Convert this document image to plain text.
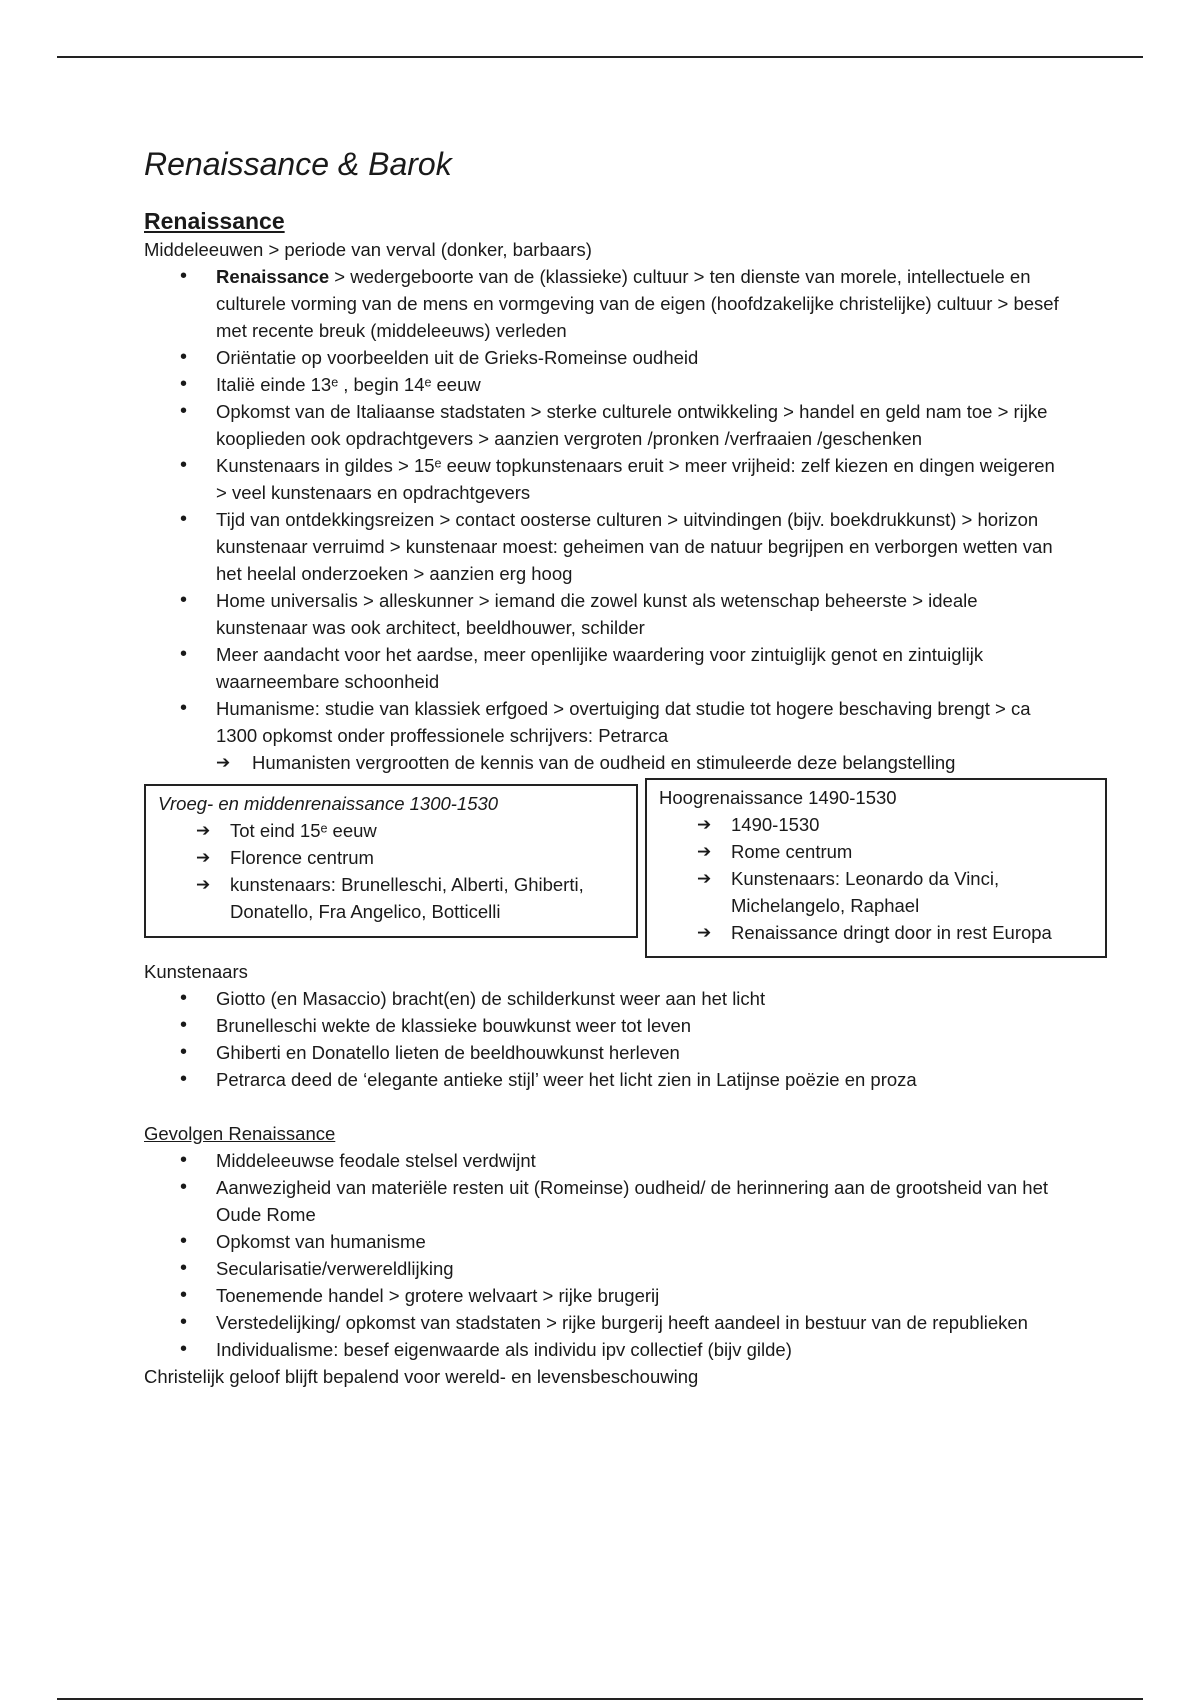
Renaissance & Barok
Renaissance

Middeleeuwen > periode van verval (donker, barbaars)

• Renaissance > wedergeboorte van de (klassieke) cultuur > ten dienste van morele, intellectuele en culturele vorming van de mens en vormgeving van de eigen (hoofdzakelijke christelijke) cultuur > besef met recente breuk (middeleeuws) verleden
• Oriëntatie op voorbeelden uit de Grieks-Romeinse oudheid
• Italië einde 13ᵉ , begin 14ᵉ eeuw
• Opkomst van de Italiaanse stadstaten > sterke culturele ontwikkeling > handel en geld nam toe > rijke kooplieden ook opdrachtgevers > aanzien vergroten /pronken /verfraaien /geschenken
• Kunstenaars in gildes > 15ᵉ eeuw topkunstenaars eruit > meer vrijheid: zelf kiezen en dingen weigeren > veel kunstenaars en opdrachtgevers
• Tijd van ontdekkingsreizen > contact oosterse culturen > uitvindingen (bijv. boekdrukkunst) > horizon kunstenaar verruimd > kunstenaar moest: geheimen van de natuur begrijpen en verborgen wetten van het heelal onderzoeken > aanzien erg hoog
• Home universalis > alleskunner > iemand die zowel kunst als wetenschap beheerste > ideale kunstenaar was ook architect, beeldhouwer, schilder
• Meer aandacht voor het aardse, meer openlijike waardering voor zintuiglijk genot en zintuiglijk waarneembare schoonheid
• Humanisme: studie van klassiek erfgoed > overtuiging dat studie tot hogere beschaving brengt > ca 1300 opkomst onder proffessionele schrijvers: Petrarca
➔ Humanisten vergrootten de kennis van de oudheid en stimuleerde deze belangstelling

Vroeg- en middenrenaissance 1300-1530

➔ Tot eind 15ᵉ eeuw
➔ Florence centrum
➔ kunstenaars: Brunelleschi, Alberti, Ghiberti, Donatello, Fra Angelico, Botticelli

Hoogrenaissance 1490-1530

➔ 1490-1530
➔ Rome centrum
➔ Kunstenaars: Leonardo da Vinci, Michelangelo, Raphael
➔ Renaissance dringt door in rest Europa

Kunstenaars

• Giotto (en Masaccio) bracht(en) de schilderkunst weer aan het licht
• Brunelleschi wekte de klassieke bouwkunst weer tot leven
• Ghiberti en Donatello lieten de beeldhouwkunst herleven
• Petrarca deed de ‘elegante antieke stijl’ weer het licht zien in Latijnse poëzie en proza

Gevolgen Renaissance

• Middeleeuwse feodale stelsel verdwijnt
• Aanwezigheid van materiële resten uit (Romeinse) oudheid/ de herinnering aan de grootsheid van het Oude Rome
• Opkomst van humanisme
• Secularisatie/verwereldlijking
• Toenemende handel > grotere welvaart > rijke brugerij
• Verstedelijking/ opkomst van stadstaten > rijke burgerij heeft aandeel in bestuur van de republieken
• Individualisme: besef eigenwaarde als individu ipv collectief (bijv gilde)

Christelijk geloof blijft bepalend voor wereld- en levensbeschouwing
